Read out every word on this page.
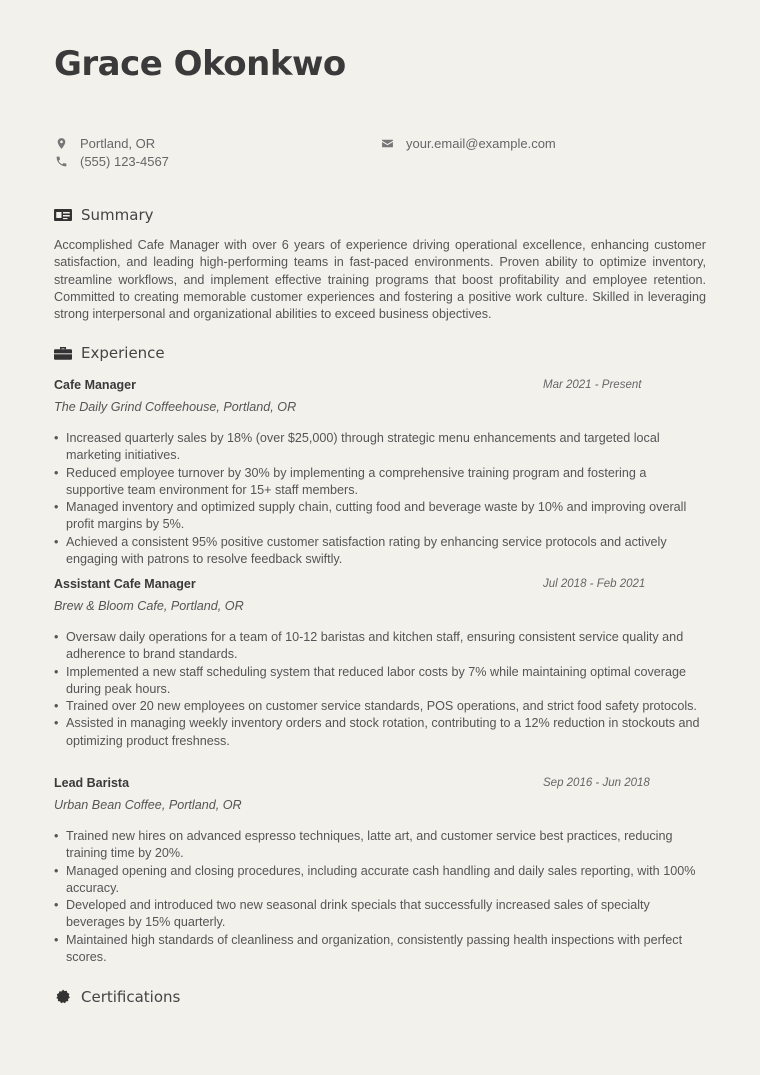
Grace Okonkwo
Portland, OR
(555) 123-4567
your.email@example.com
Summary

Accomplished Cafe Manager with over 6 years of experience driving operational excellence, enhancing customer satisfaction, and leading high-performing teams in fast-paced environments. Proven ability to optimize inventory, streamline workflows, and implement effective training programs that boost profitability and employee retention. Committed to creating memorable customer experiences and fostering a positive work culture. Skilled in leveraging strong interpersonal and organizational abilities to exceed business objectives.

Experience
Cafe Manager	Mar 2021 - Present
The Daily Grind Coffeehouse, Portland, OR
• Increased quarterly sales by 18% (over $25,000) through strategic menu enhancements and targeted local marketing initiatives.
• Reduced employee turnover by 30% by implementing a comprehensive training program and fostering a supportive team environment for 15+ staff members.
• Managed inventory and optimized supply chain, cutting food and beverage waste by 10% and improving overall profit margins by 5%.
• Achieved a consistent 95% positive customer satisfaction rating by enhancing service protocols and actively engaging with patrons to resolve feedback swiftly.
Assistant Cafe Manager	Jul 2018 - Feb 2021
Brew & Bloom Cafe, Portland, OR
• Oversaw daily operations for a team of 10-12 baristas and kitchen staff, ensuring consistent service quality and adherence to brand standards.
• Implemented a new staff scheduling system that reduced labor costs by 7% while maintaining optimal coverage during peak hours.
• Trained over 20 new employees on customer service standards, POS operations, and strict food safety protocols.
• Assisted in managing weekly inventory orders and stock rotation, contributing to a 12% reduction in stockouts and optimizing product freshness.
Lead Barista	Sep 2016 - Jun 2018
Urban Bean Coffee, Portland, OR
• Trained new hires on advanced espresso techniques, latte art, and customer service best practices, reducing training time by 20%.
• Managed opening and closing procedures, including accurate cash handling and daily sales reporting, with 100% accuracy.
• Developed and introduced two new seasonal drink specials that successfully increased sales of specialty beverages by 15% quarterly.
• Maintained high standards of cleanliness and organization, consistently passing health inspections with perfect scores.
Certifications
